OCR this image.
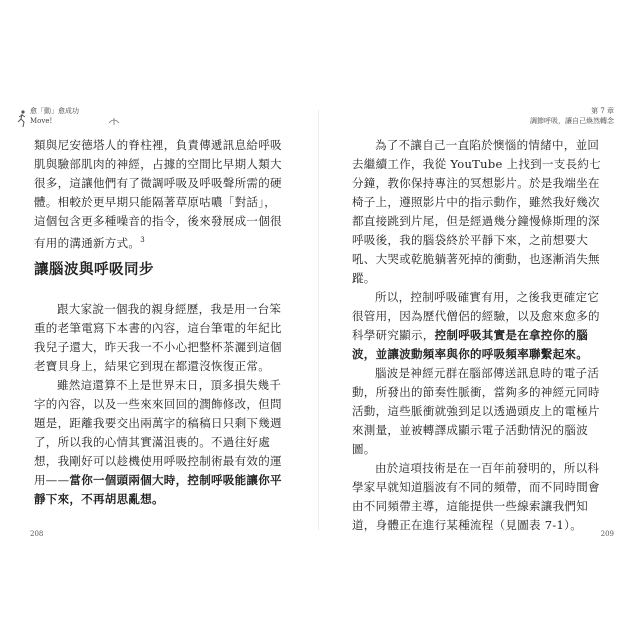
愈「動」愈成功
Move!

類與尼安德塔人的脊柱裡，負責傳遞訊息給呼吸肌與驗部肌肉的神經，占據的空間比早期人類大很多，這讓他們有了微調呼吸及呼吸聲所需的硬體。相較於更早期只能隔著草原咕噥「對話」，這個包含更多種噪音的指令，後來發展成一個很有用的溝通新方式。$^3$

讓腦波與呼吸同步

跟大家說一個我的親身經歷，我是用一台笨重的老筆電寫下本書的內容，這台筆電的年紀比我兒子還大，昨天我一不小心把整杯茶灑到這個老寶貝身上，結果它到現在都還沒恢復正常。

雖然這還算不上是世界末日，頂多損失幾千字的內容，以及一些來來回回的潤飾修改，但問題是，距離我要交出兩萬字的稿稿日只剩下幾週了，所以我的心情其實滿沮喪的。不過往好處想，我剛好可以趁機使用呼吸控制術最有效的運用——當你一個頭兩個大時，控制呼吸能讓你平靜下來，不再胡思亂想。

208
第 7 章
調節呼吸，讓自己煥然轉念

為了不讓自己一直陷於懊惱的情緒中，並回去繼續工作，我從 YouTube 上找到一支長約七分鐘，教你保持專注的冥想影片。於是我端坐在椅子上，遵照影片中的指示動作，雖然我好幾次都直接跳到片尾，但是經過幾分鐘慢條斯理的深呼吸後，我的腦袋終於平靜下來，之前想要大吼、大哭或乾脆躺著死掉的衝動，也逐漸消失無蹤。

所以，控制呼吸確實有用，之後我更確定它很管用，因為歷代僧侶的經驗，以及愈來愈多的科學研究顯示，控制呼吸其實是在拿控你的腦波，並讓波動頻率與你的呼吸頻率聯繫起來。

腦波是神經元群在腦部傳送訊息時的電子活動，所發出的節奏性脈衝，當夠多的神經元同時活動，這些脈衝就強到足以透過頭皮上的電極片來測量，並被轉譯成顯示電子活動情況的腦波圖。

由於這項技術是在一百年前發明的，所以科學家早就知道腦波有不同的頻帶，而不同時間會由不同頻帶主導，這能提供一些線索讓我們知道，身體正在進行某種流程（見圖表 7-1）。

209
